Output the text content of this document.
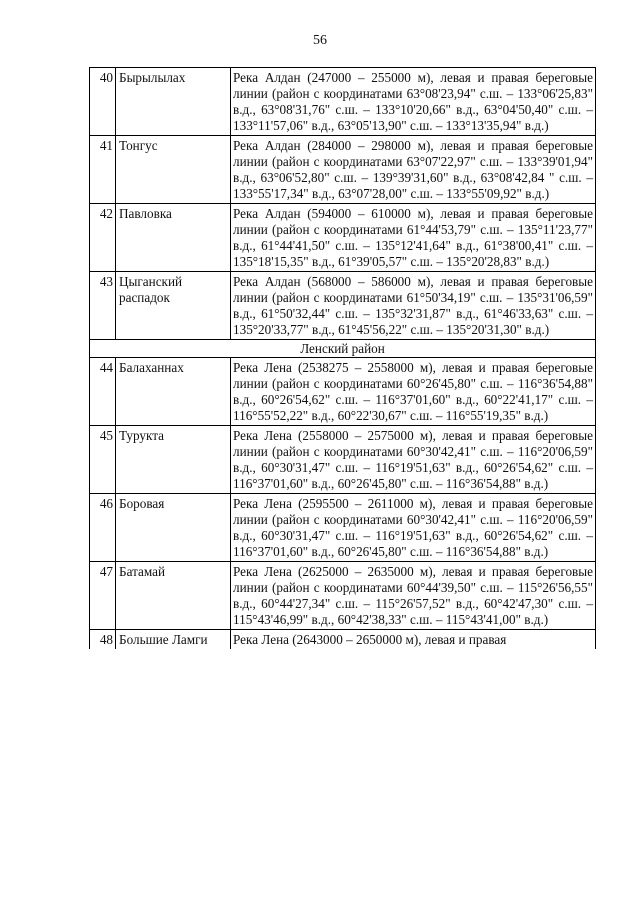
56
40	Бырылылах	Река Алдан (247000 – 255000 м), левая и правая береговые линии (район с координатами 63°08'23,94" с.ш. – 133°06'25,83" в.д., 63°08'31,76" с.ш. – 133°10'20,66" в.д., 63°04'50,40" с.ш. – 133°11'57,06" в.д., 63°05'13,90" с.ш. – 133°13'35,94" в.д.)
41	Тонгус	Река Алдан (284000 – 298000 м), левая и правая береговые линии (район с координатами 63°07'22,97" с.ш. – 133°39'01,94" в.д., 63°06'52,80" с.ш. – 139°39'31,60" в.д., 63°08'42,84 " с.ш. – 133°55'17,34" в.д., 63°07'28,00" с.ш. – 133°55'09,92" в.д.)
42	Павловка	Река Алдан (594000 – 610000 м), левая и правая береговые линии (район с координатами 61°44'53,79" с.ш. – 135°11'23,77" в.д., 61°44'41,50" с.ш. – 135°12'41,64" в.д., 61°38'00,41" с.ш. – 135°18'15,35" в.д., 61°39'05,57" с.ш. – 135°20'28,83" в.д.)
43	Цыганский распадок	Река Алдан (568000 – 586000 м), левая и правая береговые линии (район с координатами 61°50'34,19" с.ш. – 135°31'06,59" в.д., 61°50'32,44" с.ш. – 135°32'31,87" в.д., 61°46'33,63" с.ш. – 135°20'33,77" в.д., 61°45'56,22" с.ш. – 135°20'31,30" в.д.)
Ленский район		
44	Балаханнах	Река Лена (2538275 – 2558000 м), левая и правая береговые линии (район с координатами 60°26'45,80" с.ш. – 116°36'54,88" в.д., 60°26'54,62" с.ш. – 116°37'01,60" в.д., 60°22'41,17" с.ш. – 116°55'52,22" в.д., 60°22'30,67" с.ш. – 116°55'19,35" в.д.)
45	Турукта	Река Лена (2558000 – 2575000 м), левая и правая береговые линии (район с координатами 60°30'42,41" с.ш. – 116°20'06,59" в.д., 60°30'31,47" с.ш. – 116°19'51,63" в.д., 60°26'54,62" с.ш. – 116°37'01,60" в.д., 60°26'45,80" с.ш. – 116°36'54,88" в.д.)
46	Боровая	Река Лена (2595500 – 2611000 м), левая и правая береговые линии (район с координатами 60°30'42,41" с.ш. – 116°20'06,59" в.д., 60°30'31,47" с.ш. – 116°19'51,63" в.д., 60°26'54,62" с.ш. – 116°37'01,60" в.д., 60°26'45,80" с.ш. – 116°36'54,88" в.д.)
47	Батамай	Река Лена (2625000 – 2635000 м), левая и правая береговые линии (район с координатами 60°44'39,50" с.ш. – 115°26'56,55" в.д., 60°44'27,34" с.ш. – 115°26'57,52" в.д., 60°42'47,30" с.ш. – 115°43'46,99" в.д., 60°42'38,33" с.ш. – 115°43'41,00" в.д.)
48	Большие Ламги	Река Лена (2643000 – 2650000 м), левая и правая
